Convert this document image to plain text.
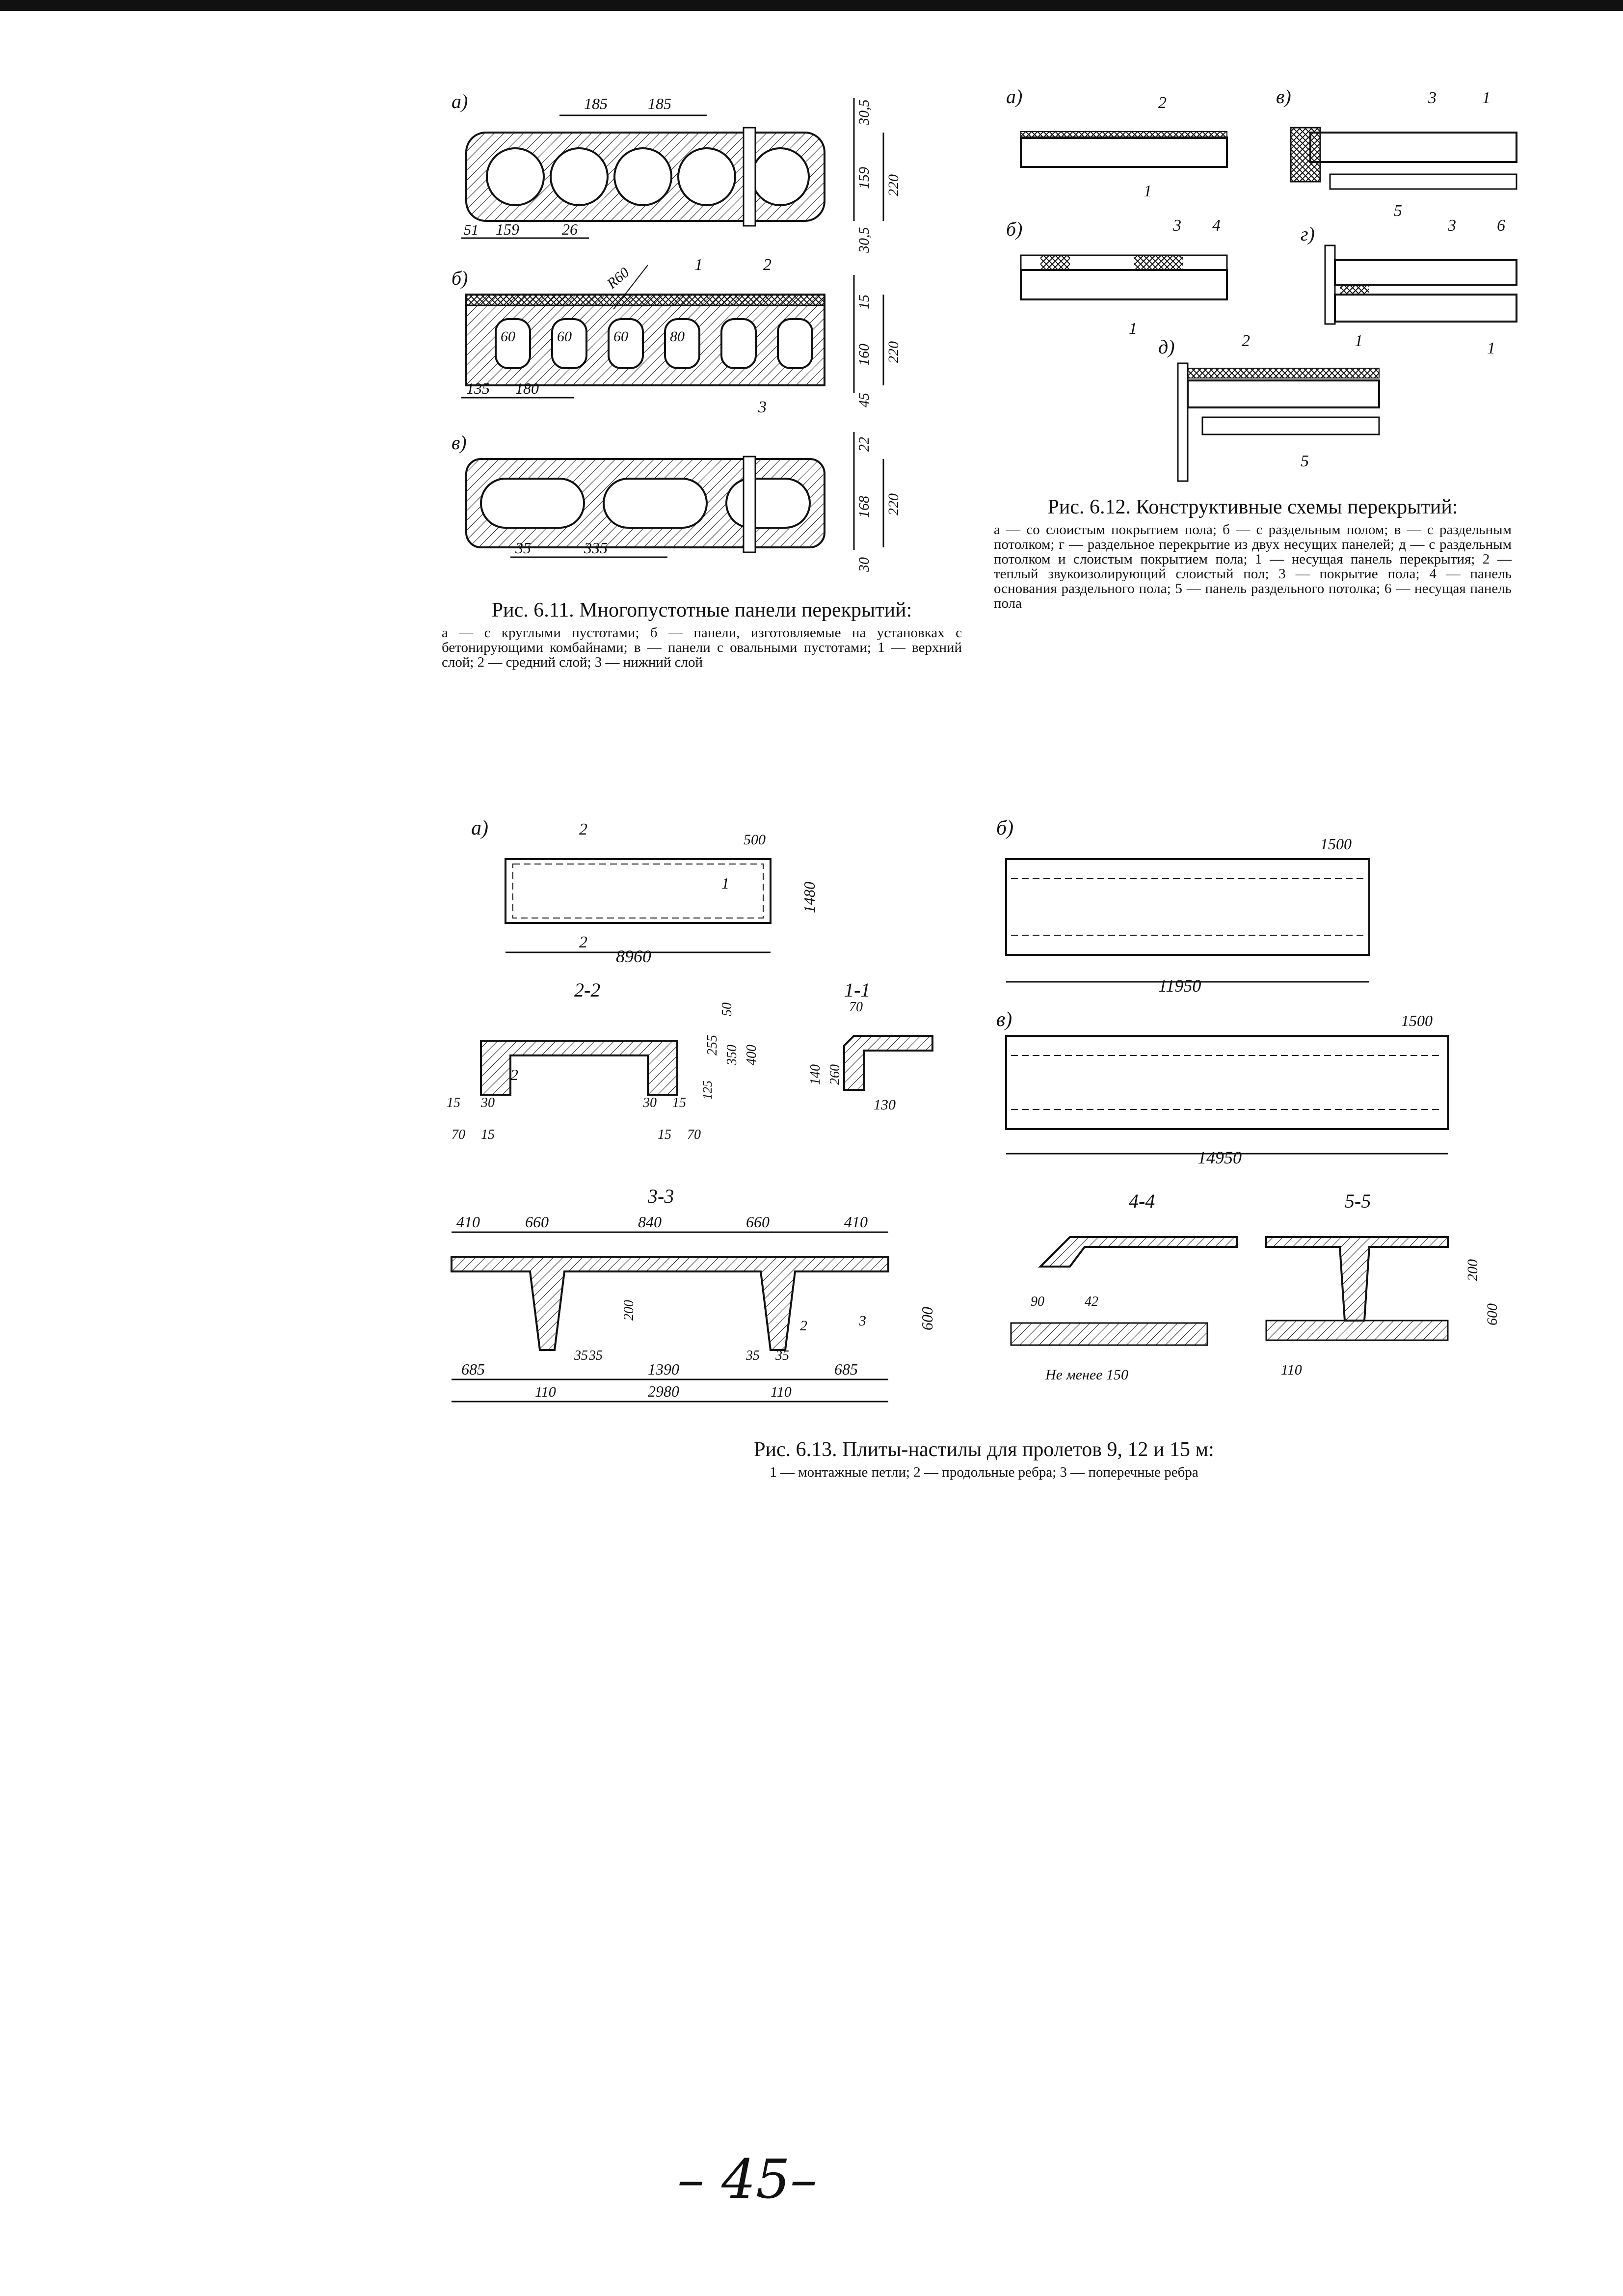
а)	185	185	30,5
159 220
30,5
51 159	26
б)
60	60	60	80
R60	1	2
3
135 180
15
160 220
45
в)
35	335
22
168 220
30
Рис. 6.11. Многопустотные панели перекрытий:
а — с круглыми пустотами; б — панели, изготовляемые на установках с бетонирующими комбайнами; в — панели с овальными пустотами; 1 — верхний слой; 2 — средний слой; 3 — нижний слой
а)	2
1
б)	3 4
1
в)	3	1
5
г)	3 6
1
д)	2	1
5
Рис. 6.12. Конструктивные схемы перекрытий:
а — со слоистым покрытием пола; б — с раздельным полом; в — с раздельным потолком; г — раздельное перекрытие из двух несущих панелей; д — с раздельным потолком и слоистым покрытием пола; 1 — несущая панель перекрытия; 2 — теплый звукоизолирующий слоистый пол; 3 — покрытие пола; 4 — панель основания раздельного пола; 5 — панель раздельного потолка; 6 — несущая панель пола
а)
1
8960
500
1480
2
2
2-2
2
15 30
70 15
30 15
15 70
50
255 350 400
125
1-1
70
140 260
130
3-3
410	660	840	660	410
35 35	35 35
685	1390	685
110	2980	110
600
200
2	3
б)
11950
1500
в)
14950
1500
4-4
Не менее 150
90	42
5-5
110
200
600
Рис. 6.13. Плиты-настилы для пролетов 9, 12 и 15 м:
1 — монтажные петли; 2 — продольные ребра; 3 — поперечные ребра
– 45–
